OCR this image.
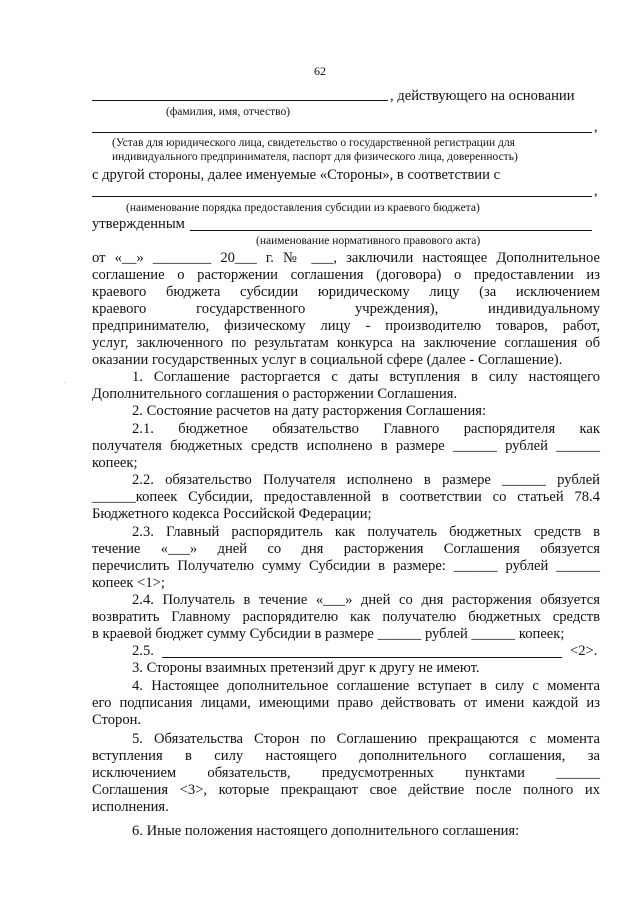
62
, действующего на основании
(фамилия, имя, отчество)
,
(Устав для юридического лица, свидетельство о государственной регистрации для
индивидуального предпринимателя, паспорт для физического лица, доверенность)
с другой стороны, далее именуемые «Стороны», в соответствии с
,
(наименование порядка предоставления субсидии из краевого бюджета)
утвержденным
(наименование нормативного правового акта)
от «__» ________ 20___ г. № ___, заключили настоящее Дополнительное
соглашение о расторжении соглашения (договора) о предоставлении из
краевого бюджета субсидии юридическому лицу (за исключением
краевого государственного учреждения), индивидуальному
предпринимателю, физическому лицу - производителю товаров, работ,
услуг, заключенного по результатам конкурса на заключение соглашения об
оказании государственных услуг в социальной сфере (далее - Соглашение).
.	1. Соглашение расторгается с даты вступления в силу настоящего
Дополнительного соглашения о расторжении Соглашения.
2. Состояние расчетов на дату расторжения Соглашения:
2.1. бюджетное обязательство Главного распорядителя как
получателя бюджетных средств исполнено в размере ______ рублей ______
копеек;
2.2. обязательство Получателя исполнено в размере ______ рублей
______копеек Субсидии, предоставленной в соответствии со статьей 78.4
Бюджетного кодекса Российской Федерации;
2.3. Главный распорядитель как получатель бюджетных средств в
течение «___» дней со дня расторжения Соглашения обязуется
перечислить Получателю сумму Субсидии в размере: ______ рублей ______
копеек <1>;
2.4. Получатель в течение «___» дней со дня расторжения обязуется
возвратить Главному распорядителю как получателю бюджетных средств
в краевой бюджет сумму Субсидии в размере ______ рублей ______ копеек;
2.5.	<2>.
3. Стороны взаимных претензий друг к другу не имеют.
4. Настоящее дополнительное соглашение вступает в силу с момента
его подписания лицами, имеющими право действовать от имени каждой из
Сторон.
5. Обязательства Сторон по Соглашению прекращаются с момента
вступления в силу настоящего дополнительного соглашения, за
исключением обязательств, предусмотренных пунктами ______
Соглашения <3>, которые прекращают свое действие после полного их
исполнения.
6. Иные положения настоящего дополнительного соглашения:
